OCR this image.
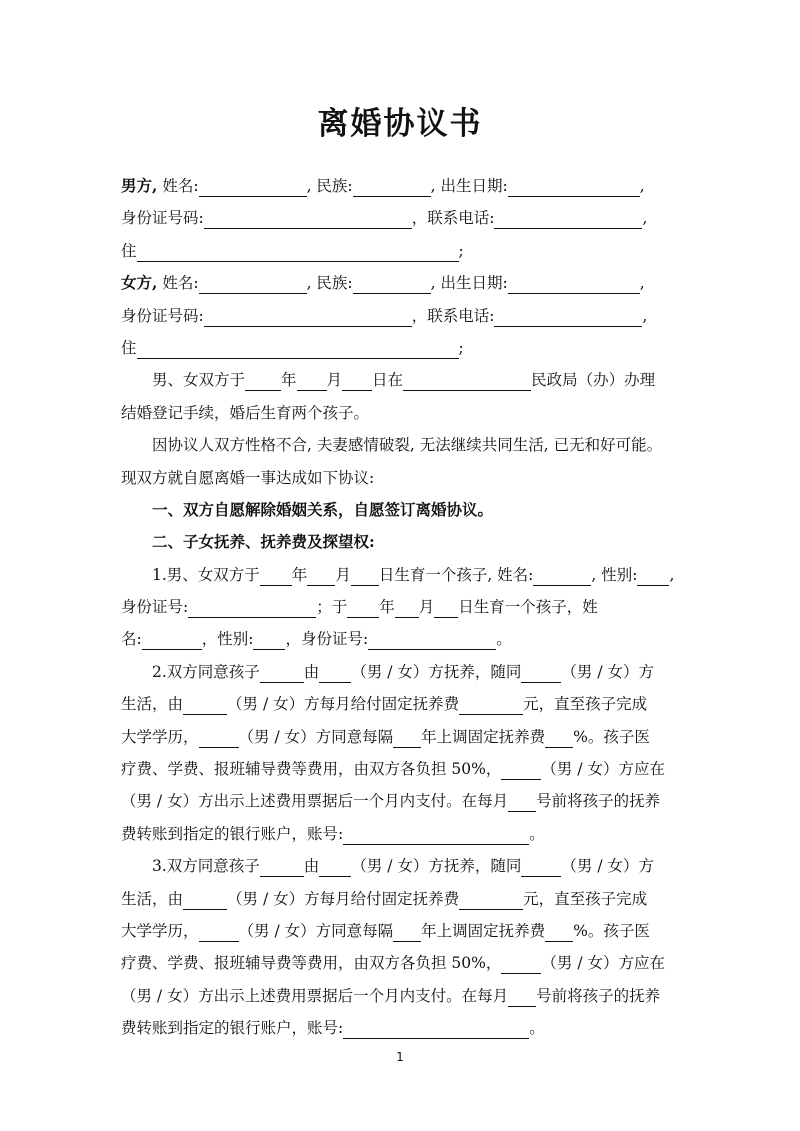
离婚协议书
男方, 姓名:	, 民族:	, 出生日期:	,
身份证号码:	，联系电话:	,
住	;
女方, 姓名:	, 民族:	, 出生日期:	,
身份证号码:	，联系电话:	,
住	;
男、女双方于 年 月 日在	民政局（办）办理
结婚登记手续，婚后生育两个孩子。
因协议人双方性格不合, 夫妻感情破裂, 无法继续共同生活, 已无和好可能。
现双方就自愿离婚一事达成如下协议:
一、双方自愿解除婚姻关系，自愿签订离婚协议。
二、子女抚养、抚养费及探望权:
1.男、女双方于 年 月 日生育一个孩子, 姓名:	, 性别: ,
身份证号:	；于 年 月 日生育一个孩子，姓
名:	，性别: ，身份证号:	。
2.双方同意孩子	由 （男 / 女）方抚养，随同	（男 / 女）方
生活，由	（男 / 女）方每月给付固定抚养费	元，直至孩子完成
大学学历，	（男 / 女）方同意每隔 年上调固定抚养费 %。孩子医
疗费、学费、报班辅导费等费用，由双方各负担 50%，	（男 / 女）方应在
（男 / 女）方出示上述费用票据后一个月内支付。在每月 号前将孩子的抚养
费转账到指定的银行账户，账号:	。
3.双方同意孩子	由 （男 / 女）方抚养，随同	（男 / 女）方
生活，由	（男 / 女）方每月给付固定抚养费	元，直至孩子完成
大学学历，	（男 / 女）方同意每隔 年上调固定抚养费 %。孩子医
疗费、学费、报班辅导费等费用，由双方各负担 50%，	（男 / 女）方应在
（男 / 女）方出示上述费用票据后一个月内支付。在每月 号前将孩子的抚养
费转账到指定的银行账户，账号:	。
1
